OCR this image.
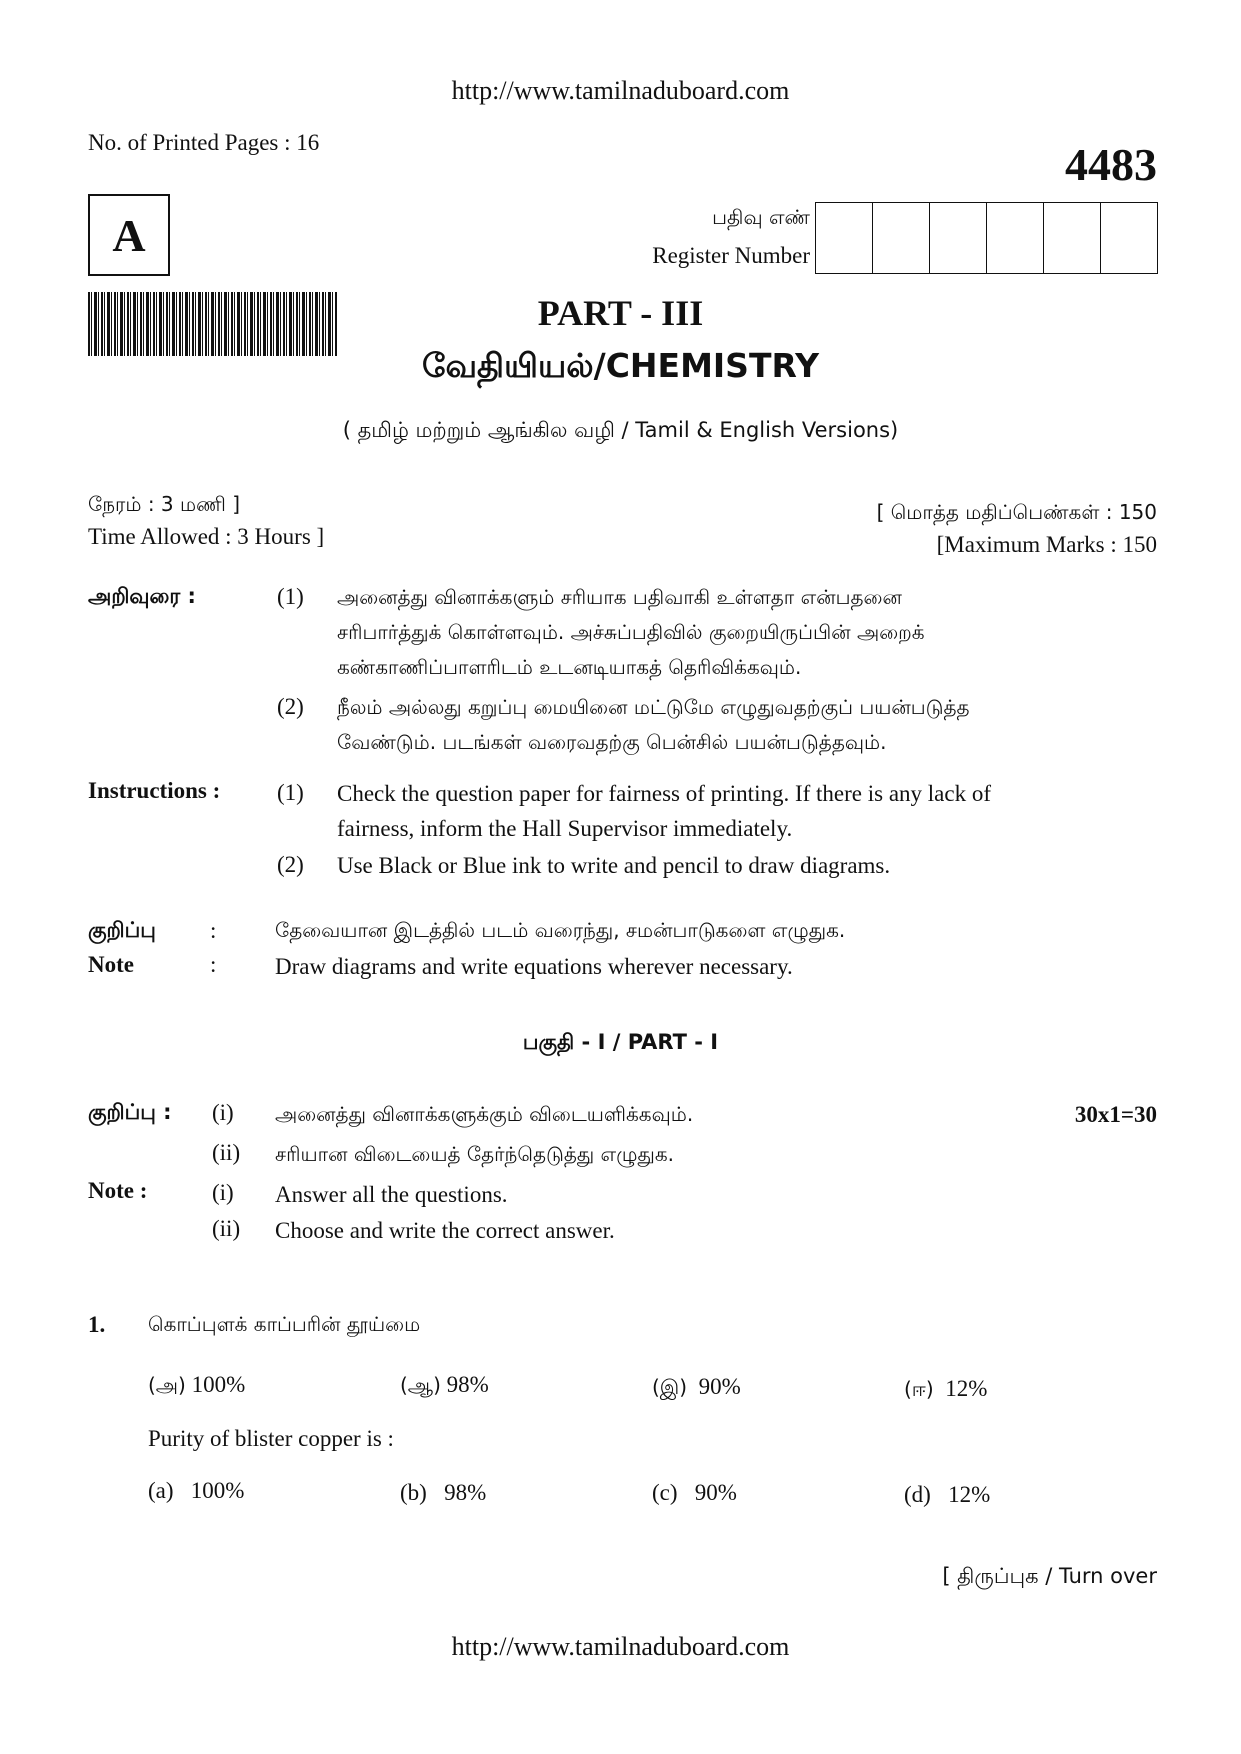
http://www.tamilnaduboard.com
No. of Printed Pages : 16	4483
A	பதிவு எண்
Register Number
PART - III
வேதியியல்/CHEMISTRY
( தமிழ் மற்றும் ஆங்கில வழி / Tamil & English Versions)
நேரம் : 3 மணி ]
Time Allowed : 3 Hours ]
[ மொத்த மதிப்பெண்கள் : 150
[Maximum Marks : 150
அறிவுரை :	(1) அனைத்து வினாக்களும் சரியாக பதிவாகி உள்ளதா என்பதனை
சரிபார்த்துக் கொள்ளவும். அச்சுப்பதிவில் குறையிருப்பின் அறைக்
கண்காணிப்பாளரிடம் உடனடியாகத் தெரிவிக்கவும்.
(2) நீலம் அல்லது கறுப்பு மையினை மட்டுமே எழுதுவதற்குப் பயன்படுத்த
வேண்டும். படங்கள் வரைவதற்கு பென்சில் பயன்படுத்தவும்.
Instructions : (1) Check the question paper for fairness of printing. If there is any lack of
fairness, inform the Hall Supervisor immediately.
(2) Use Black or Blue ink to write and pencil to draw diagrams.
குறிப்பு :	தேவையான இடத்தில் படம் வரைந்து, சமன்பாடுகளை எழுதுக.
Note	:	Draw diagrams and write equations wherever necessary.
பகுதி - I / PART - I
குறிப்பு : (i) அனைத்து வினாக்களுக்கும் விடையளிக்கவும்.	30x1=30
(ii) சரியான விடையைத் தேர்ந்தெடுத்து எழுதுக.
Note :	(i) Answer all the questions.
(ii) Choose and write the correct answer.
1. கொப்புளக் காப்பரின் தூய்மை
(அ) 100%	(ஆ) 98%	(இ) 90%	(ஈ) 12%
Purity of blister copper is :
(a) 100%	(b) 98%	(c) 90%	(d) 12%
[ திருப்புக / Turn over
http://www.tamilnaduboard.com
